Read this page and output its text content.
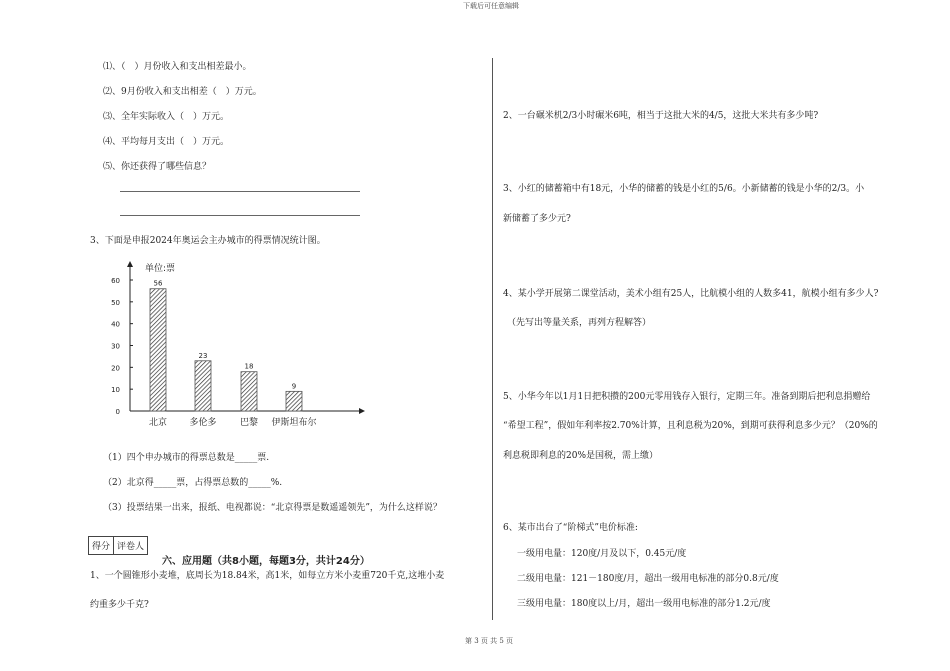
下载后可任意编辑
⑴、（　）月份收入和支出相差最小。
⑵、9月份收入和支出相差（　）万元。
⑶、全年实际收入（　）万元。
⑷、平均每月支出（　）万元。
⑸、你还获得了哪些信息？
3、下面是申报2024年奥运会主办城市的得票情况统计图。
0
10
20
30
40
50
60
单位:票
56
北京
23
多伦多
18
巴黎
9
伊斯坦布尔
（1）四个申办城市的得票总数是_____票.
（2）北京得_____票，占得票总数的_____%.
（3）投票结果一出来，报纸、电视都说：“北京得票是数遥遥领先”，为什么这样说？
得分 评卷人
六、应用题（共8小题，每题3分，共计24分）
1、一个圆锥形小麦堆，底周长为18.84米，高1米，如每立方米小麦重720千克,这堆小麦
约重多少千克?
2、一台碾米机2/3小时碾米6吨，相当于这批大米的4/5，这批大米共有多少吨?
3、小红的储蓄箱中有18元，小华的储蓄的钱是小红的5/6。小新储蓄的钱是小华的2/3。小
新储蓄了多少元?
4、某小学开展第二课堂活动，美术小组有25人，比航模小组的人数多41，航模小组有多少人?
（先写出等量关系，再列方程解答）
5、小华今年以1月1日把积攒的200元零用钱存入银行，定期三年。准备到期后把利息捐赠给
“希望工程”，假如年利率按2.70%计算，且利息税为20%，到期可获得利息多少元？（20%的
利息税即利息的20%是国税，需上缴）
6、某市出台了“阶梯式”电价标准:
一级用电量：120度/月及以下，0.45元/度
二级用电量：121－180度/月，超出一级用电标准的部分0.8元/度
三级用电量：180度以上/月，超出一级用电标准的部分1.2元/度
第 3 页 共 5 页
